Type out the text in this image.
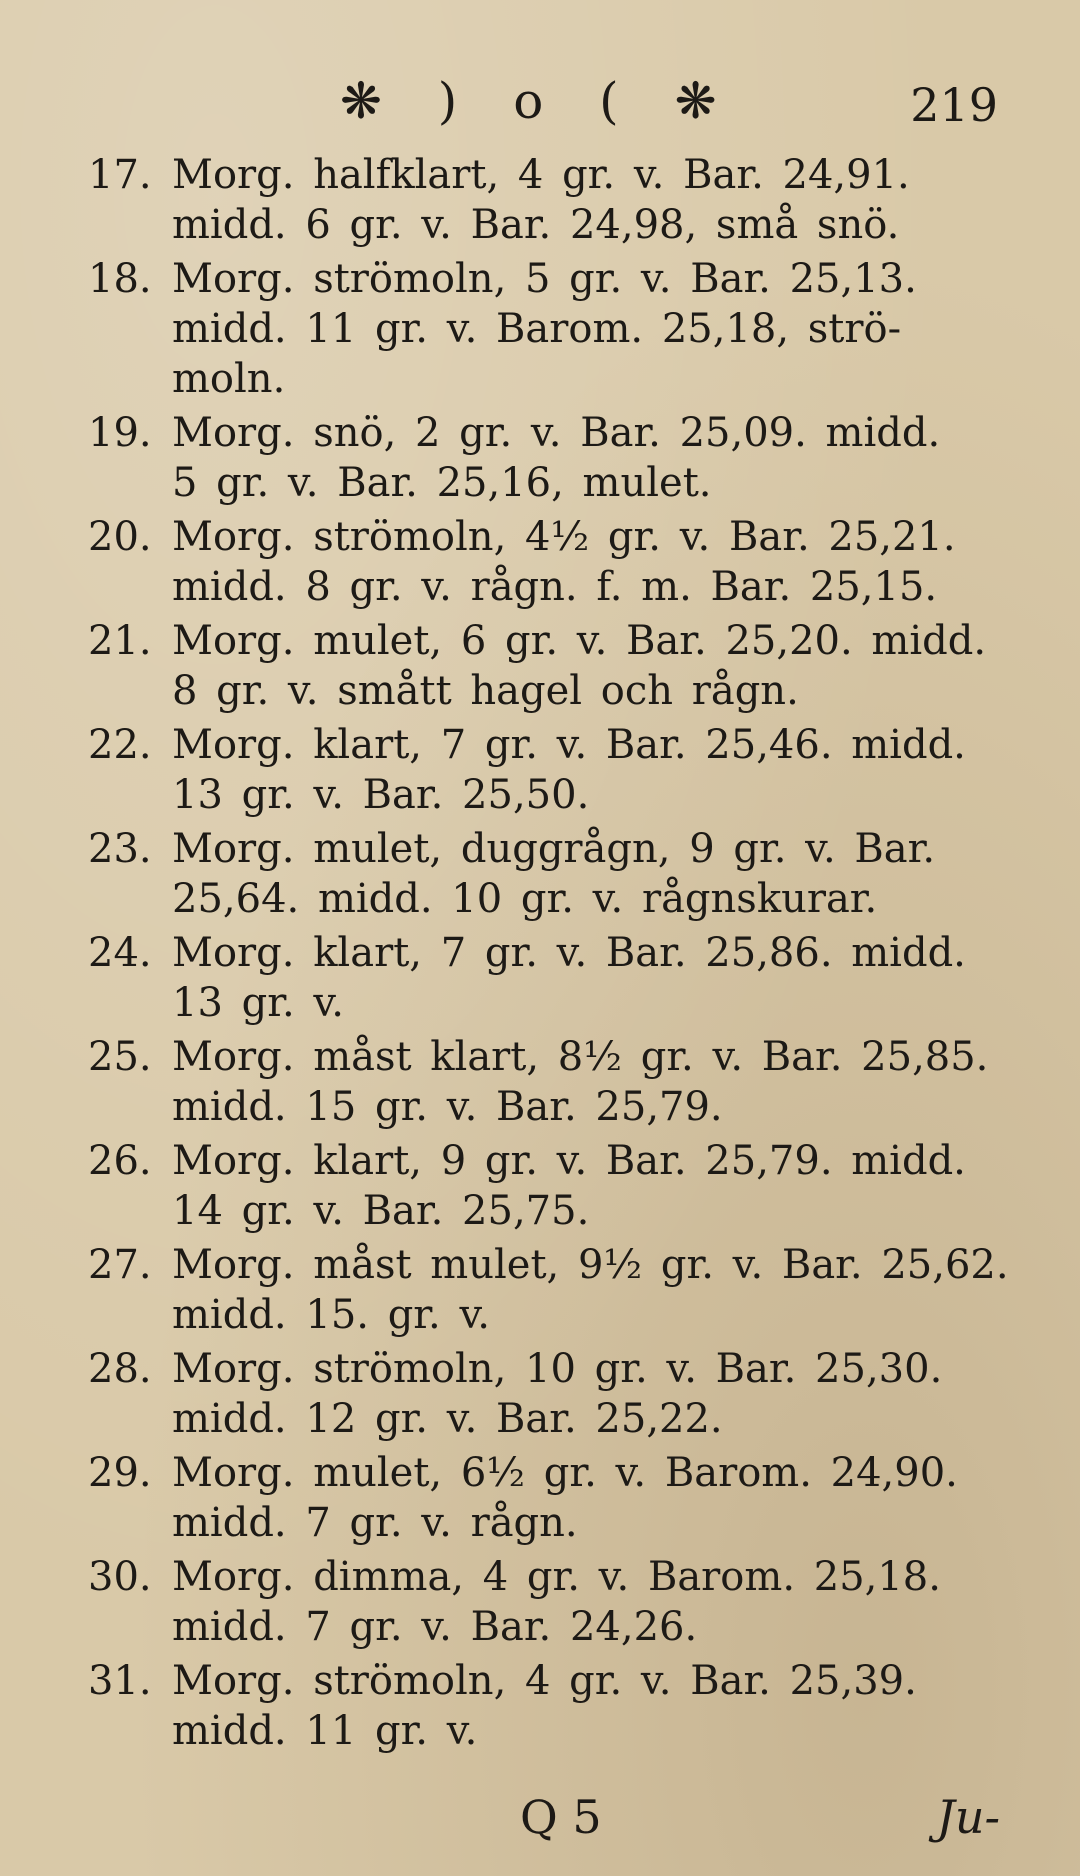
❋ ) o ( ❋	219
17. Morg. halfklart, 4 gr. v. Bar. 24,91.
midd. 6 gr. v. Bar. 24,98, små snö.
18. Morg. strömoln, 5 gr. v. Bar. 25,13.
midd. 11 gr. v. Barom. 25,18, strö-
moln.
19. Morg. snö, 2 gr. v. Bar. 25,09. midd.
5 gr. v. Bar. 25,16, mulet.
20. Morg. strömoln, 4½ gr. v. Bar. 25,21.
midd. 8 gr. v. rågn. f. m. Bar. 25,15.
21. Morg. mulet, 6 gr. v. Bar. 25,20. midd.
8 gr. v. smått hagel och rågn.
22. Morg. klart, 7 gr. v. Bar. 25,46. midd.
13 gr. v. Bar. 25,50.
23. Morg. mulet, duggrågn, 9 gr. v. Bar.
25,64. midd. 10 gr. v. rågnskurar.
24. Morg. klart, 7 gr. v. Bar. 25,86. midd.
13 gr. v.
25. Morg. måst klart, 8½ gr. v. Bar. 25,85.
midd. 15 gr. v. Bar. 25,79.
26. Morg. klart, 9 gr. v. Bar. 25,79. midd.
14 gr. v. Bar. 25,75.
27. Morg. måst mulet, 9½ gr. v. Bar. 25,62.
midd. 15. gr. v.
28. Morg. strömoln, 10 gr. v. Bar. 25,30.
midd. 12 gr. v. Bar. 25,22.
29. Morg. mulet, 6½ gr. v. Barom. 24,90.
midd. 7 gr. v. rågn.
30. Morg. dimma, 4 gr. v. Barom. 25,18.
midd. 7 gr. v. Bar. 24,26.
31. Morg. strömoln, 4 gr. v. Bar. 25,39.
midd. 11 gr. v.
Q 5	Ju-
